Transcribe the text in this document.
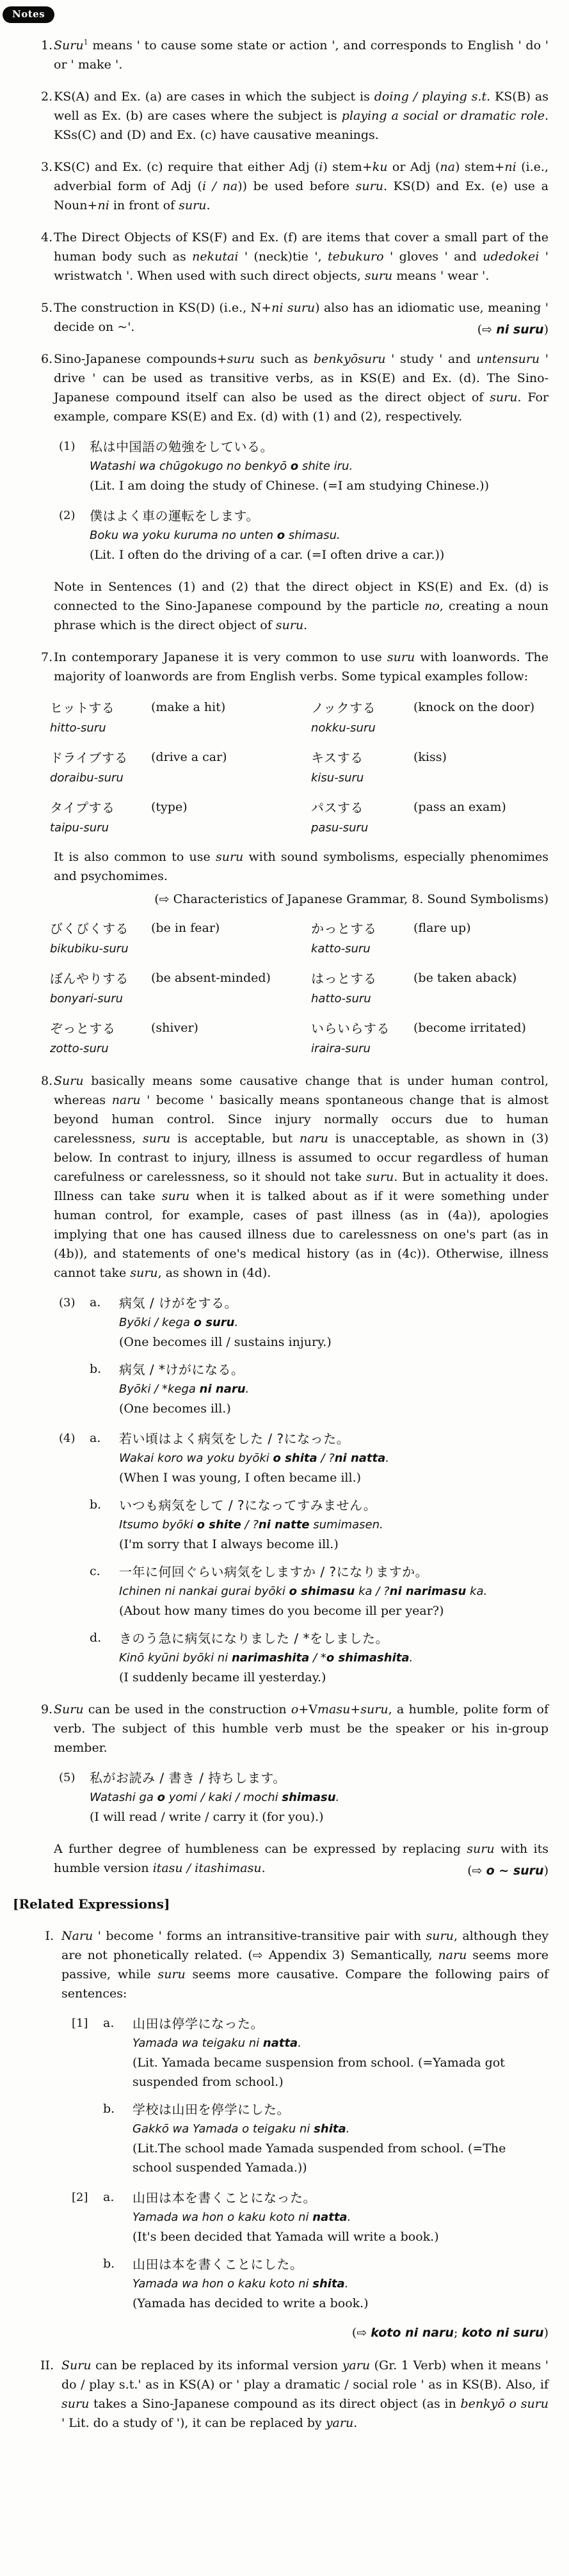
Notes
1. Suru$^1$ means ' to cause some state or action ', and corresponds to English ' do ' or ' make '.

2. KS(A) and Ex. (a) are cases in which the subject is doing / playing s.t. KS(B) as well as Ex. (b) are cases where the subject is playing a social or dramatic role. KSs(C) and (D) and Ex. (c) have causative meanings.

3. KS(C) and Ex. (c) require that either Adj (i) stem+ku or Adj (na) stem+ni (i.e., adverbial form of Adj (i / na)) be used before suru. KS(D) and Ex. (e) use a Noun+ni in front of suru.

4. The Direct Objects of KS(F) and Ex. (f) are items that cover a small part of the human body such as nekutai ' (neck)tie ', tebukuro ' gloves ' and udedokei ' wristwatch '. When used with such direct objects, suru means ' wear '.

5. The construction in KS(D) (i.e., N+ni suru) also has an idiomatic use, meaning ' decide on ~'.	(⇨ ni suru)
6. Sino-Japanese compounds+suru such as benkyōsuru ' study ' and untensuru ' drive ' can be used as transitive verbs, as in KS(E) and Ex. (d). The Sino-Japanese compound itself can also be used as the direct object of suru. For example, compare KS(E) and Ex. (d) with (1) and (2), respectively.

(1) 私は中国語の勉強をしている。
Watashi wa chūgokugo no benkyō o shite iru.
(Lit. I am doing the study of Chinese. (=I am studying Chinese.))
(2) 僕はよく車の運転をします。
Boku wa yoku kuruma no unten o shimasu.
(Lit. I often do the driving of a car. (=I often drive a car.))

Note in Sentences (1) and (2) that the direct object in KS(E) and Ex. (d) is connected to the Sino-Japanese compound by the particle no, creating a noun phrase which is the direct object of suru.

7. In contemporary Japanese it is very common to use suru with loanwords. The majority of loanwords are from English verbs. Some typical examples follow:

ヒットする	(make a hit)	ノックする	(knock on the door)
hitto-suru	nokku-suru
ドライブする	(drive a car)	キスする	(kiss)
doraibu-suru	kisu-suru
タイプする	(type)	パスする	(pass an exam)
taipu-suru	pasu-suru

It is also common to use suru with sound symbolisms, especially phenomimes and psychomimes.

(⇨ Characteristics of Japanese Grammar, 8. Sound Symbolisms)
びくびくする	(be in fear)	かっとする	(flare up)
bikubiku-suru	katto-suru
ぼんやりする	(be absent-minded)	はっとする	(be taken aback)
bonyari-suru	hatto-suru
ぞっとする	(shiver)	いらいらする	(become irritated)
zotto-suru	iraira-suru
8. Suru basically means some causative change that is under human control, whereas naru ' become ' basically means spontaneous change that is almost beyond human control. Since injury normally occurs due to human carelessness, suru is acceptable, but naru is unacceptable, as shown in (3) below. In contrast to injury, illness is assumed to occur regardless of human carefulness or carelessness, so it should not take suru. But in actuality it does. Illness can take suru when it is talked about as if it were something under human control, for example, cases of past illness (as in (4a)), apologies implying that one has caused illness due to carelessness on one's part (as in (4b)), and statements of one's medical history (as in (4c)). Otherwise, illness cannot take suru, as shown in (4d).

(3) a. 病気 / けがをする。
Byōki / kega o suru.
(One becomes ill / sustains injury.)
b. 病気 / *けがになる。
Byōki / *kega ni naru.
(One becomes ill.)
(4) a. 若い頃はよく病気をした / ?になった。
Wakai koro wa yoku byōki o shita / ?ni natta.
(When I was young, I often became ill.)
b. いつも病気をして / ?になってすみません。
Itsumo byōki o shite / ?ni natte sumimasen.
(I'm sorry that I always become ill.)
c. 一年に何回ぐらい病気をしますか / ?になりますか。
Ichinen ni nankai gurai byōki o shimasu ka / ?ni narimasu ka.
(About how many times do you become ill per year?)
d. きのう急に病気になりました / *をしました。
Kinō kyūni byōki ni narimashita / *o shimashita.
(I suddenly became ill yesterday.)
9. Suru can be used in the construction o+Vmasu+suru, a humble, polite form of verb. The subject of this humble verb must be the speaker or his in-group member.

(5) 私がお読み / 書き / 持ちします。
Watashi ga o yomi / kaki / mochi shimasu.
(I will read / write / carry it (for you).)

A further degree of humbleness can be expressed by replacing suru with its humble version itasu / itashimasu.	(⇨ o ~ suru)
[Related Expressions]
I. Naru ' become ' forms an intransitive-transitive pair with suru, although they are not phonetically related. (⇨ Appendix 3) Semantically, naru seems more passive, while suru seems more causative. Compare the following pairs of sentences:

[1] a. 山田は停学になった。
Yamada wa teigaku ni natta.
(Lit. Yamada became suspension from school. (=Yamada got suspended from school.)
b. 学校は山田を停学にした。
Gakkō wa Yamada o teigaku ni shita.
(Lit.The school made Yamada suspended from school. (=The school suspended Yamada.))
[2] a. 山田は本を書くことになった。
Yamada wa hon o kaku koto ni natta.
(It's been decided that Yamada will write a book.)
b. 山田は本を書くことにした。
Yamada wa hon o kaku koto ni shita.
(Yamada has decided to write a book.)
(⇨ koto ni naru; koto ni suru)
II. Suru can be replaced by its informal version yaru (Gr. 1 Verb) when it means ' do / play s.t.' as in KS(A) or ' play a dramatic / social role ' as in KS(B). Also, if suru takes a Sino-Japanese compound as its direct object (as in benkyō o suru ' Lit. do a study of '), it can be replaced by yaru.
